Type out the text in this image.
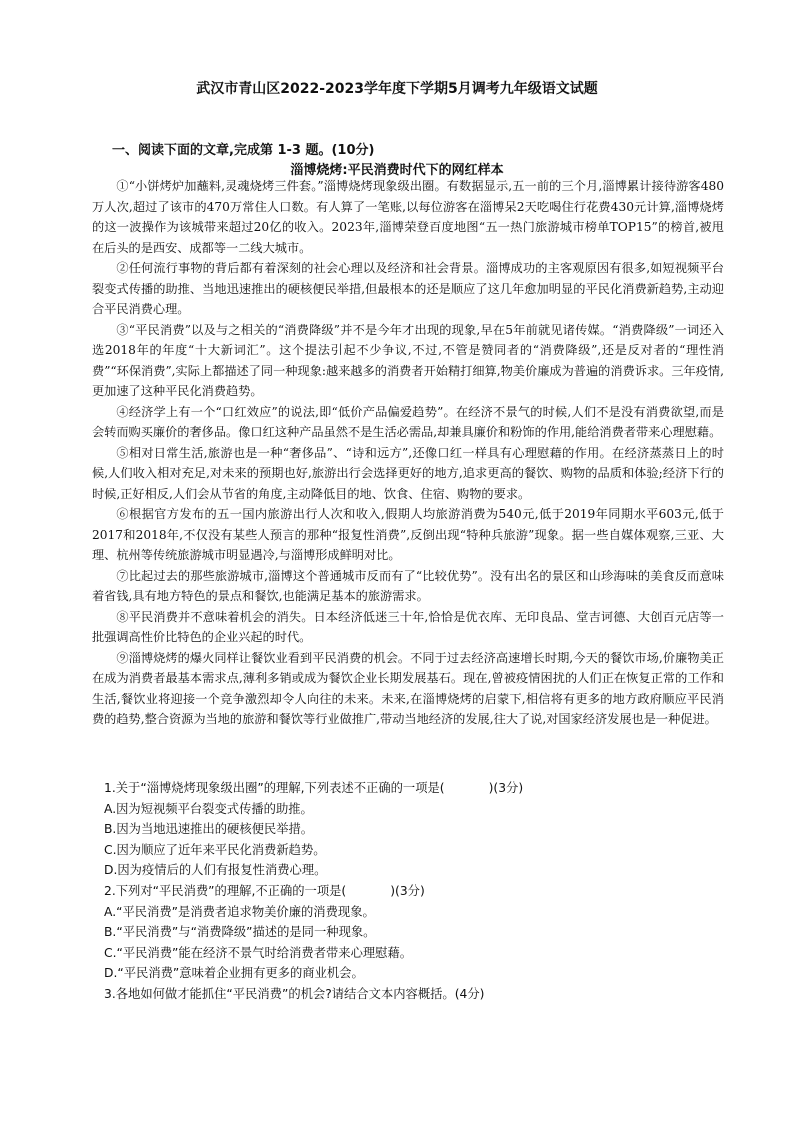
武汉市青山区2022-2023学年度下学期5月调考九年级语文试题
一、阅读下面的文章,完成第 1-3 题。(10分)
淄博烧烤:平民消费时代下的网红样本

①“小饼烤炉加蘸料,灵魂烧烤三件套。”淄博烧烤现象级出圈。有数据显示,五一前的三个月,淄博累计接待游客480万人次,超过了该市的470万常住人口数。有人算了一笔账,以每位游客在淄博呆2天吃喝住行花费430元计算,淄博烧烤的这一波操作为该城带来超过20亿的收入。2023年,淄博荣登百度地图“五一热门旅游城市榜单TOP15”的榜首,被甩在后头的是西安、成都等一二线大城市。

②任何流行事物的背后都有着深刻的社会心理以及经济和社会背景。淄博成功的主客观原因有很多,如短视频平台裂变式传播的助推、当地迅速推出的硬核便民举措,但最根本的还是顺应了这几年愈加明显的平民化消费新趋势,主动迎合平民消费心理。

③“平民消费”以及与之相关的“消费降级”并不是今年才出现的现象,早在5年前就见诸传媒。“消费降级”一词还入选2018年的年度“十大新词汇”。这个提法引起不少争议,不过,不管是赞同者的“消费降级”,还是反对者的“理性消费”“环保消费”,实际上都描述了同一种现象:越来越多的消费者开始精打细算,物美价廉成为普遍的消费诉求。三年疫情,更加速了这种平民化消费趋势。

④经济学上有一个“口红效应”的说法,即“低价产品偏爱趋势”。在经济不景气的时候,人们不是没有消费欲望,而是会转而购买廉价的奢侈品。像口红这种产品虽然不是生活必需品,却兼具廉价和粉饰的作用,能给消费者带来心理慰藉。

⑤相对日常生活,旅游也是一种“奢侈品”、“诗和远方”,还像口红一样具有心理慰藉的作用。在经济蒸蒸日上的时候,人们收入相对充足,对未来的预期也好,旅游出行会选择更好的地方,追求更高的餐饮、购物的品质和体验;经济下行的时候,正好相反,人们会从节省的角度,主动降低目的地、饮食、住宿、购物的要求。

⑥根据官方发布的五一国内旅游出行人次和收入,假期人均旅游消费为540元,低于2019年同期水平603元,低于2017和2018年,不仅没有某些人预言的那种“报复性消费”,反倒出现“特种兵旅游”现象。据一些自媒体观察,三亚、大理、杭州等传统旅游城市明显遇冷,与淄博形成鲜明对比。

⑦比起过去的那些旅游城市,淄博这个普通城市反而有了“比较优势”。没有出名的景区和山珍海味的美食反而意味着省钱,具有地方特色的景点和餐饮,也能满足基本的旅游需求。

⑧平民消费并不意味着机会的消失。日本经济低迷三十年,恰恰是优衣库、无印良品、堂吉诃德、大创百元店等一批强调高性价比特色的企业兴起的时代。

⑨淄博烧烤的爆火同样让餐饮业看到平民消费的机会。不同于过去经济高速增长时期,今天的餐饮市场,价廉物美正在成为消费者最基本需求点,薄利多销或成为餐饮企业长期发展基石。现在,曾被疫情困扰的人们正在恢复正常的工作和生活,餐饮业将迎接一个竞争激烈却令人向往的未来。未来,在淄博烧烤的启蒙下,相信将有更多的地方政府顺应平民消费的趋势,整合资源为当地的旅游和餐饮等行业做推广,带动当地经济的发展,往大了说,对国家经济发展也是一种促进。

1.关于“淄博烧烤现象级出圈”的理解,下列表述不正确的一项是(	)(3分)

A.因为短视频平台裂变式传播的助推。

B.因为当地迅速推出的硬核便民举措。

C.因为顺应了近年来平民化消费新趋势。

D.因为疫情后的人们有报复性消费心理。

2.下列对“平民消费”的理解,不正确的一项是(	)(3分)

A.“平民消费”是消费者追求物美价廉的消费现象。

B.“平民消费”与“消费降级”描述的是同一种现象。

C.“平民消费”能在经济不景气时给消费者带来心理慰藉。

D.“平民消费”意味着企业拥有更多的商业机会。

3.各地如何做才能抓住“平民消费”的机会?请结合文本内容概括。(4分)
